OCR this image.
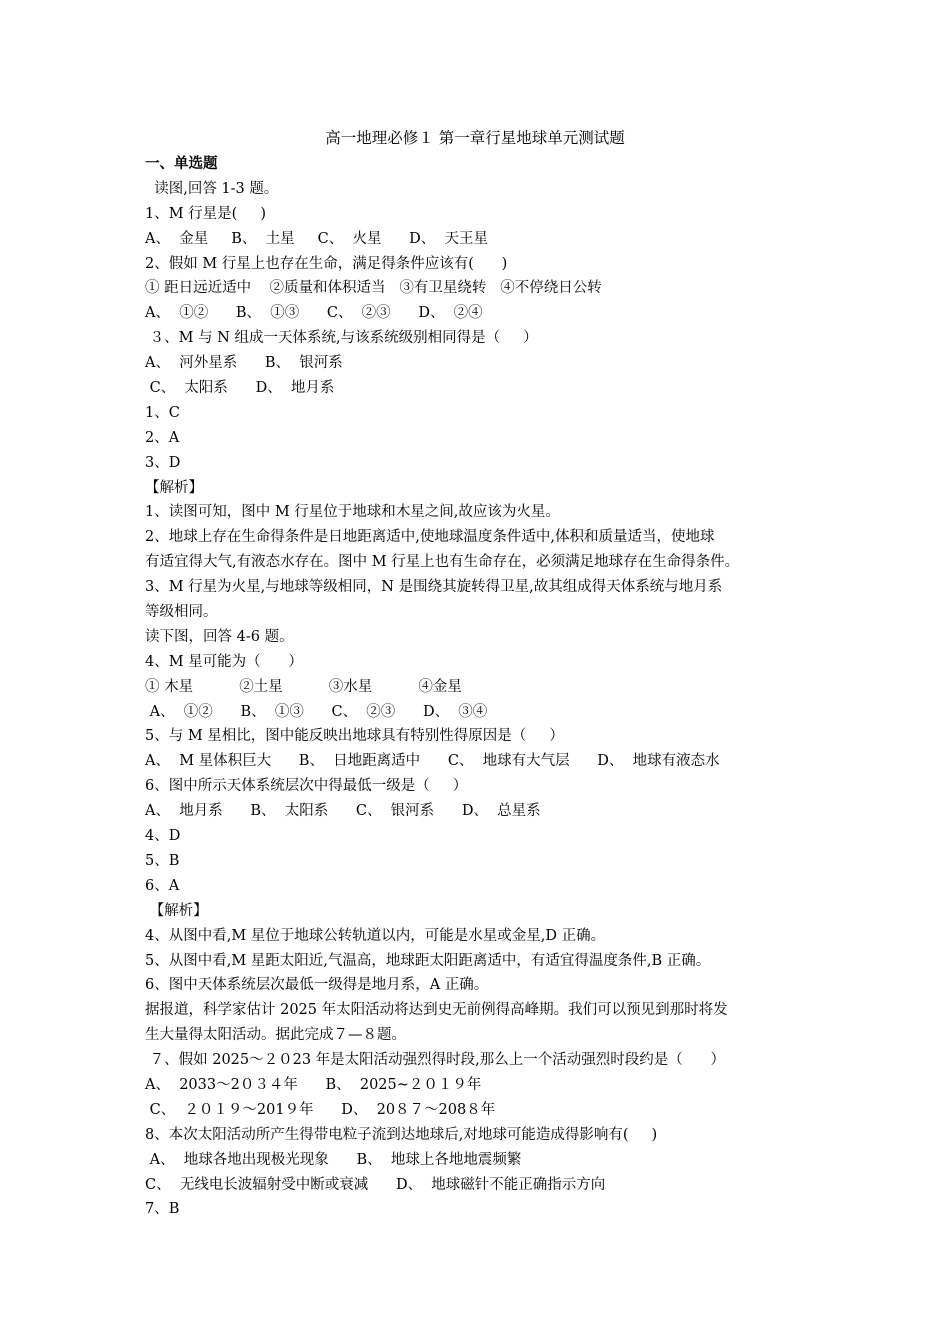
高一地理必修１ 第一章行星地球单元测试题
一、单选题
读图,回答 1-3 题。
1、M 行星是(     )
A、  金星     B、  土星     C、  火星      D、  天王星
2、假如 M 行星上也存在生命，满足得条件应该有(      )
① 距日远近适中    ②质量和体积适当   ③有卫星绕转   ④不停绕日公转
A、  ①②      B、  ①③      C、  ②③      D、  ②④
３、M 与 N 组成一天体系统,与该系统级别相同得是（     ）
A、  河外星系      B、  银河系
C、  太阳系      D、  地月系
1、C
2、A
3、D
【解析】
1、读图可知，图中 M 行星位于地球和木星之间,故应该为火星。
2、地球上存在生命得条件是日地距离适中,使地球温度条件适中,体积和质量适当，使地球
有适宜得大气,有液态水存在。图中 M 行星上也有生命存在，必须满足地球存在生命得条件。
3、M 行星为火星,与地球等级相同，N 是围绕其旋转得卫星,故其组成得天体系统与地月系
等级相同。
读下图，回答 4-6 题。
4、M 星可能为（      ）
① 木星          ②土星          ③水星          ④金星
A、  ①②      B、  ①③      C、  ②③      D、  ③④
5、与 M 星相比，图中能反映出地球具有特别性得原因是（     ）
A、  M 星体积巨大      B、  日地距离适中      C、  地球有大气层      D、  地球有液态水
6、图中所示天体系统层次中得最低一级是（     ）
A、  地月系      B、  太阳系      C、  银河系      D、  总星系
4、D
5、B
6、A
【解析】
4、从图中看,M 星位于地球公转轨道以内，可能是水星或金星,D 正确。
5、从图中看,M 星距太阳近,气温高，地球距太阳距离适中，有适宜得温度条件,B 正确。
6、图中天体系统层次最低一级得是地月系，A 正确。
据报道，科学家估计 2025 年太阳活动将达到史无前例得高峰期。我们可以预见到那时将发
生大量得太阳活动。据此完成７—８题。
７、假如 2025～２０23 年是太阳活动强烈得时段,那么上一个活动强烈时段约是（      ）
A、  2033～2０３４年      B、  2025~２０１９年
C、  ２０１９～201９年      D、  20８７～208８年
8、本次太阳活动所产生得带电粒子流到达地球后,对地球可能造成得影响有(     )
A、  地球各地出现极光现象      B、  地球上各地地震频繁
C、  无线电长波辐射受中断或衰减      D、  地球磁针不能正确指示方向
7、B
